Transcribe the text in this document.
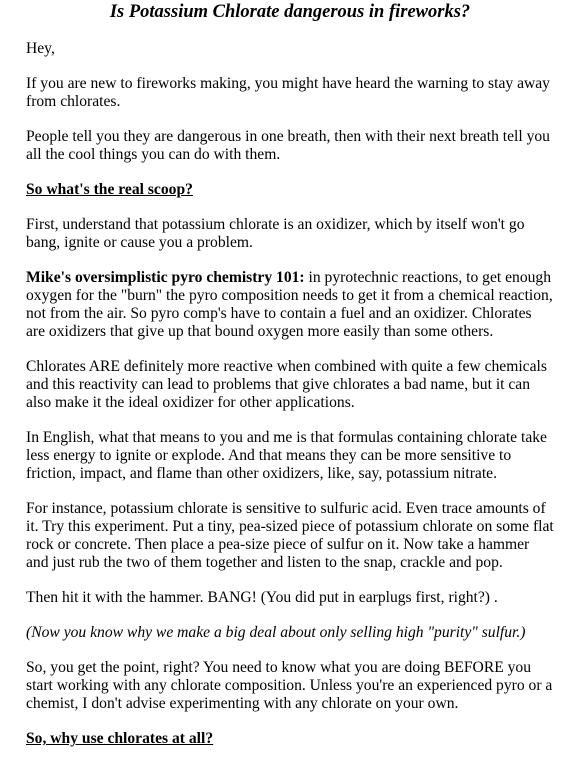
Is Potassium Chlorate dangerous in fireworks?

Hey,

If you are new to fireworks making, you might have heard the warning to stay away from chlorates.

People tell you they are dangerous in one breath, then with their next breath tell you all the cool things you can do with them.

So what's the real scoop?

First, understand that potassium chlorate is an oxidizer, which by itself won't go bang, ignite or cause you a problem.

Mike's oversimplistic pyro chemistry 101: in pyrotechnic reactions, to get enough oxygen for the "burn" the pyro composition needs to get it from a chemical reaction, not from the air. So pyro comp's have to contain a fuel and an oxidizer. Chlorates are oxidizers that give up that bound oxygen more easily than some others.

Chlorates ARE definitely more reactive when combined with quite a few chemicals and this reactivity can lead to problems that give chlorates a bad name, but it can also make it the ideal oxidizer for other applications.

In English, what that means to you and me is that formulas containing chlorate take less energy to ignite or explode. And that means they can be more sensitive to friction, impact, and flame than other oxidizers, like, say, potassium nitrate.

For instance, potassium chlorate is sensitive to sulfuric acid. Even trace amounts of it. Try this experiment. Put a tiny, pea-sized piece of potassium chlorate on some flat rock or concrete. Then place a pea-size piece of sulfur on it. Now take a hammer and just rub the two of them together and listen to the snap, crackle and pop.

Then hit it with the hammer. BANG! (You did put in earplugs first, right?) .

(Now you know why we make a big deal about only selling high "purity" sulfur.)

So, you get the point, right? You need to know what you are doing BEFORE you start working with any chlorate composition. Unless you're an experienced pyro or a chemist, I don't advise experimenting with any chlorate on your own.

So, why use chlorates at all?
